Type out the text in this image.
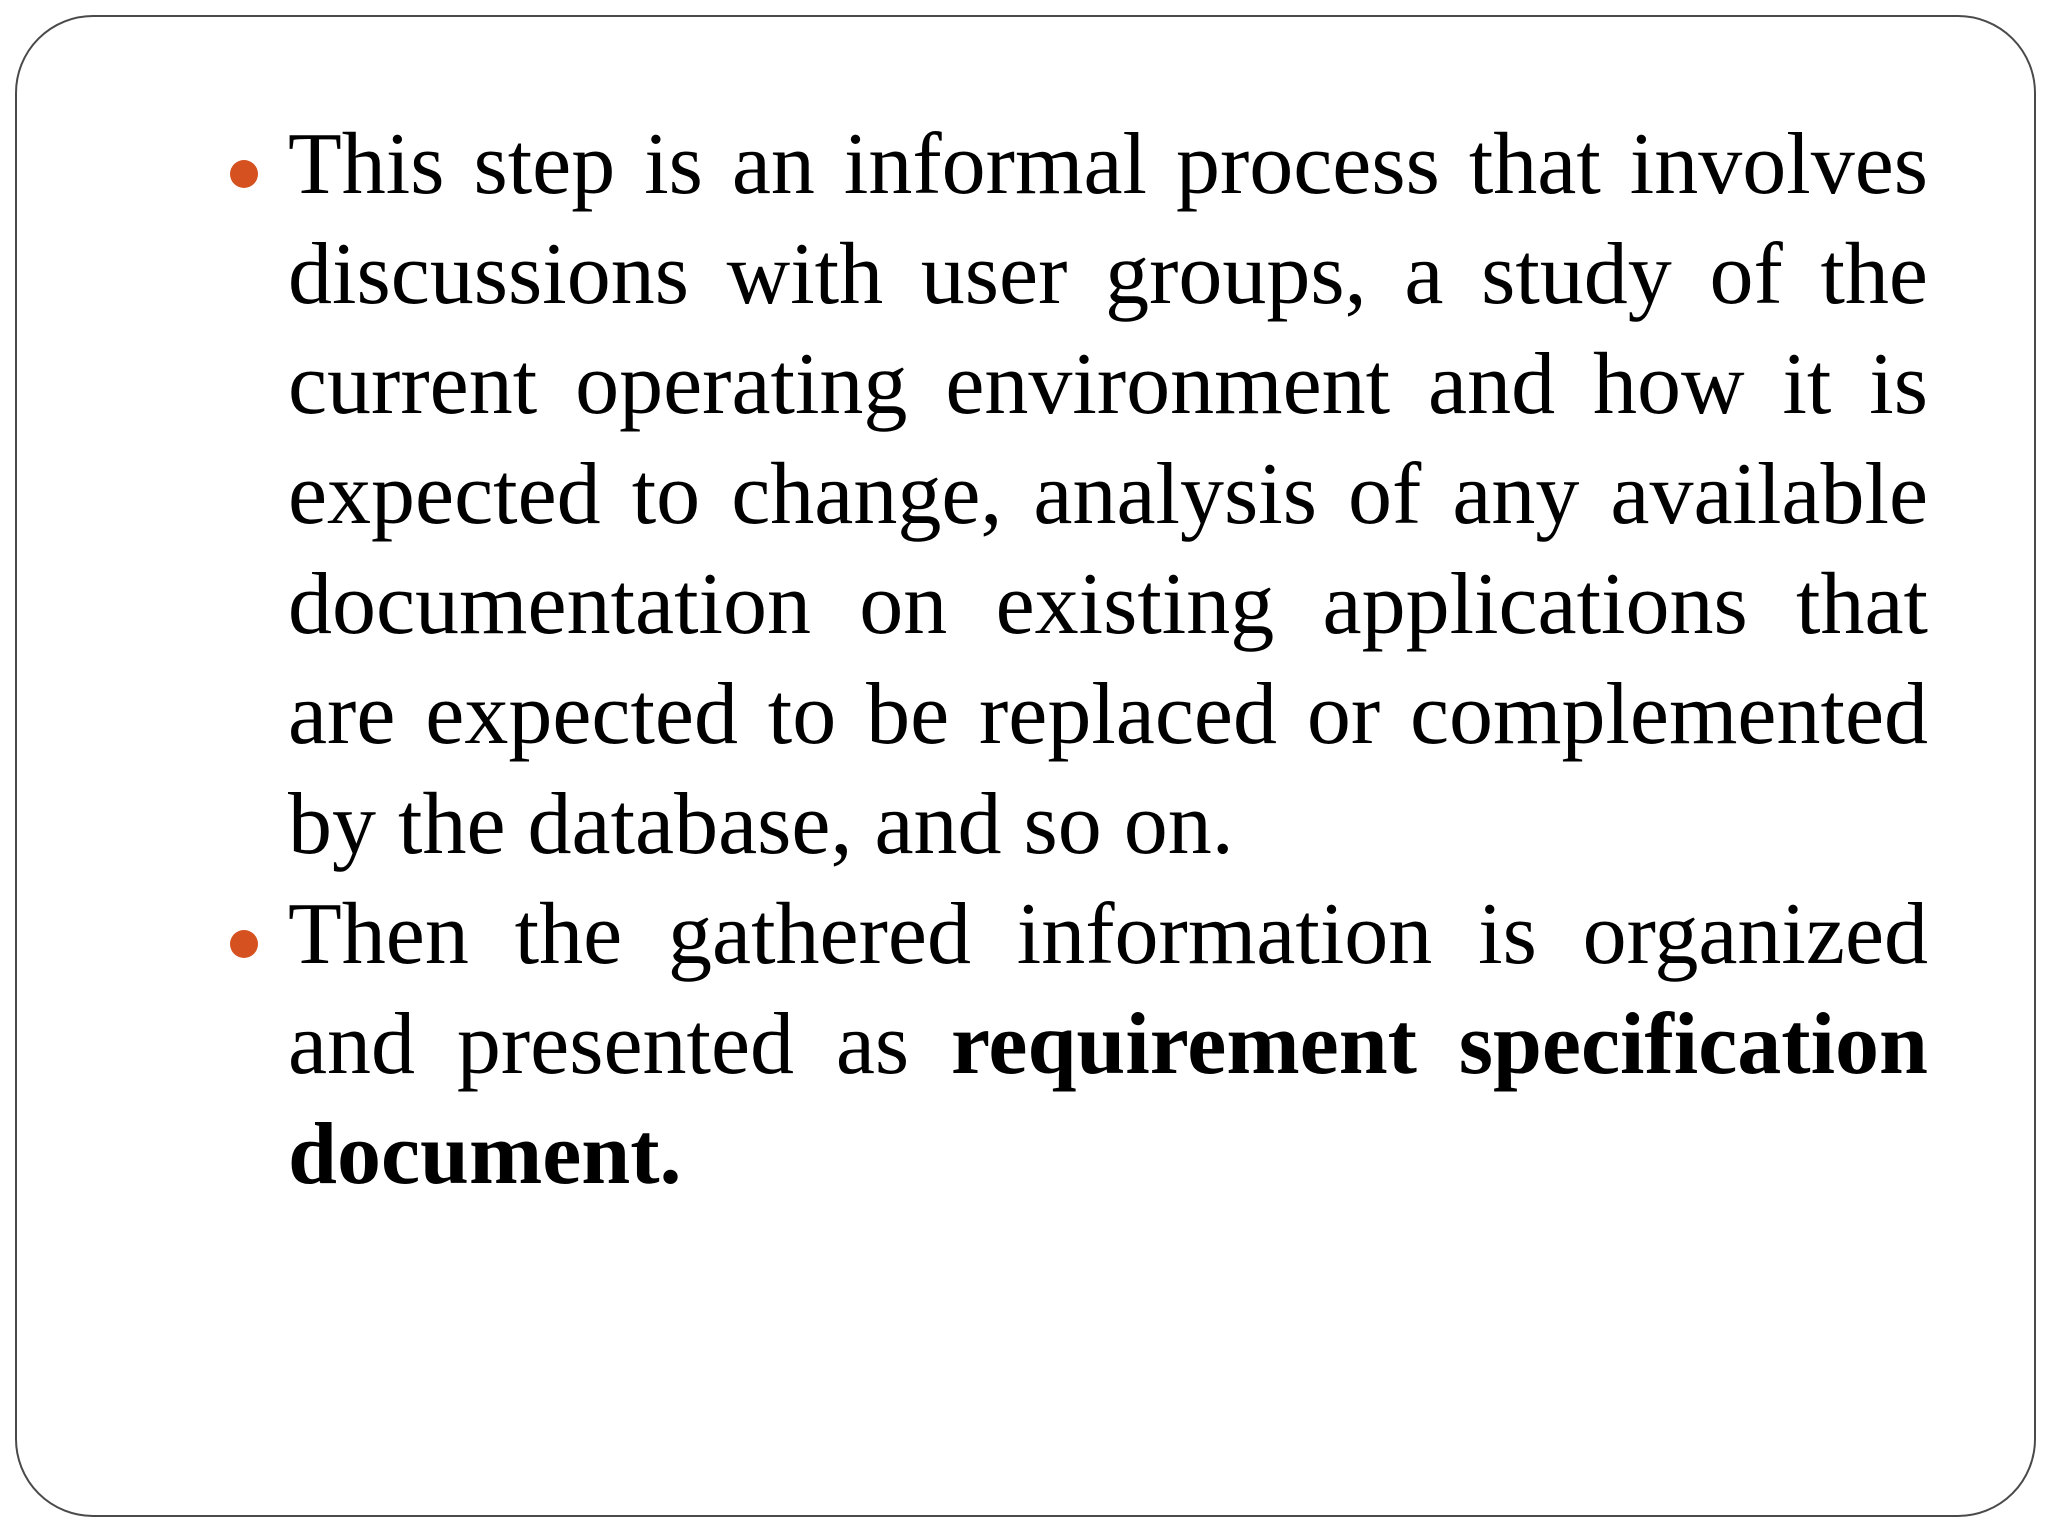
This step is an informal process that involves discussions with user groups, a study of the current operating environment and how it is expected to change, analysis of any available documentation on existing applications that are expected to be replaced or complemented by the database, and so on.

Then the gathered information is organized and presented as requirement specification document.
